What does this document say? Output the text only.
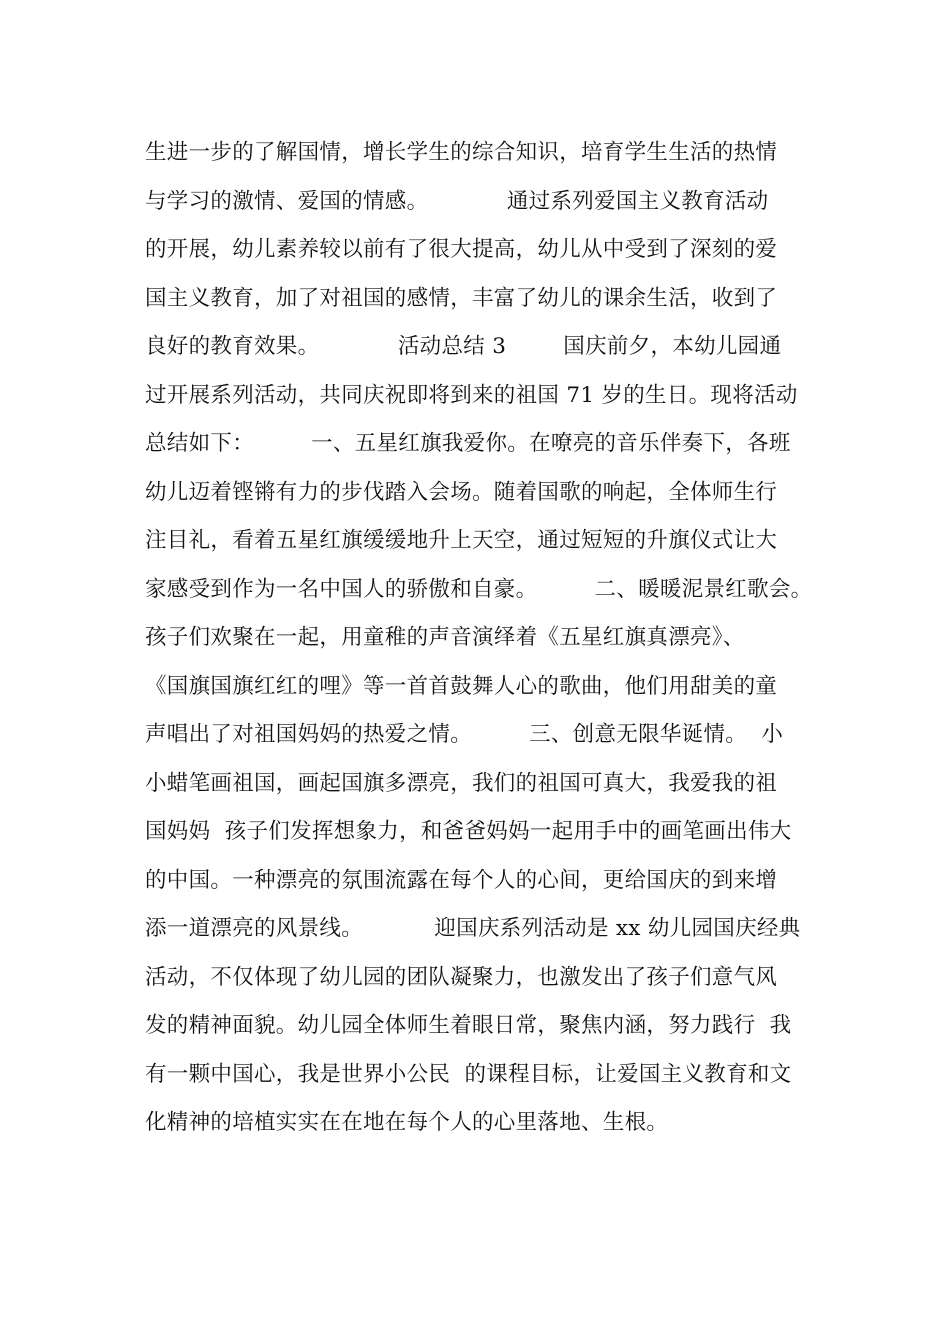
生进一步的了解国情，增长学生的综合知识，培育学生生活的热情
与学习的激情、爱国的情感。           通过系列爱国主义教育活动
的开展，幼儿素养较以前有了很大提高，幼儿从中受到了深刻的爱
国主义教育，加了对祖国的感情，丰富了幼儿的课余生活，收到了
良好的教育效果。           活动总结 3        国庆前夕，本幼儿园通
过开展系列活动，共同庆祝即将到来的祖国 71 岁的生日。现将活动
总结如下：        一、五星红旗我爱你。在嘹亮的音乐伴奏下，各班
幼儿迈着铿锵有力的步伐踏入会场。随着国歌的响起，全体师生行
注目礼，看着五星红旗缓缓地升上天空，通过短短的升旗仪式让大
家感受到作为一名中国人的骄傲和自豪。        二、暖暖泥景红歌会。
孩子们欢聚在一起，用童稚的声音演绎着《五星红旗真漂亮》、
《国旗国旗红红的哩》等一首首鼓舞人心的歌曲，他们用甜美的童
声唱出了对祖国妈妈的热爱之情。        三、创意无限华诞情。  小
小蜡笔画祖国，画起国旗多漂亮，我们的祖国可真大，我爱我的祖
国妈妈  孩子们发挥想象力，和爸爸妈妈一起用手中的画笔画出伟大
的中国。一种漂亮的氛围流露在每个人的心间，更给国庆的到来增
添一道漂亮的风景线。          迎国庆系列活动是 xx 幼儿园国庆经典
活动，不仅体现了幼儿园的团队凝聚力，也激发出了孩子们意气风
发的精神面貌。幼儿园全体师生着眼日常，聚焦内涵，努力践行  我
有一颗中国心，我是世界小公民  的课程目标，让爱国主义教育和文
化精神的培植实实在在地在每个人的心里落地、生根。
